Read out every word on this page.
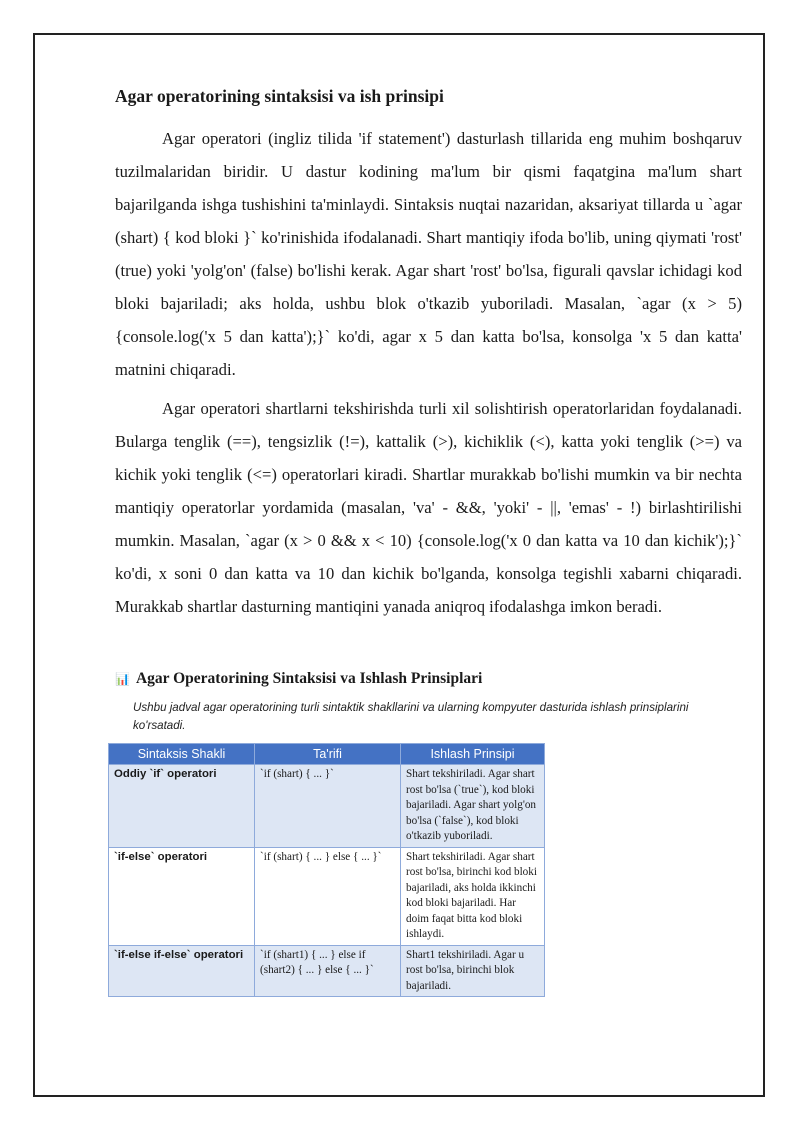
Agar operatorining sintaksisi va ish prinsipi

Agar operatori (ingliz tilida 'if statement') dasturlash tillarida eng muhim boshqaruv tuzilmalaridan biridir. U dastur kodining ma'lum bir qismi faqatgina ma'lum shart bajarilganda ishga tushishini ta'minlaydi. Sintaksis nuqtai nazaridan, aksariyat tillarda u `agar (shart) { kod bloki }` ko'rinishida ifodalanadi. Shart mantiqiy ifoda bo'lib, uning qiymati 'rost' (true) yoki 'yolg'on' (false) bo'lishi kerak. Agar shart 'rost' bo'lsa, figurali qavslar ichidagi kod bloki bajariladi; aks holda, ushbu blok o'tkazib yuboriladi. Masalan, `agar (x > 5) {console.log('x 5 dan katta');}` ko'di, agar x 5 dan katta bo'lsa, konsolga 'x 5 dan katta' matnini chiqaradi.

Agar operatori shartlarni tekshirishda turli xil solishtirish operatorlaridan foydalanadi. Bularga tenglik (==), tengsizlik (!=), kattalik (>), kichiklik (<), katta yoki tenglik (>=) va kichik yoki tenglik (<=) operatorlari kiradi. Shartlar murakkab bo'lishi mumkin va bir nechta mantiqiy operatorlar yordamida (masalan, 'va' - &&, 'yoki' - ||, 'emas' - !) birlashtirilishi mumkin. Masalan, `agar (x > 0 && x < 10) {console.log('x 0 dan katta va 10 dan kichik');}` ko'di, x soni 0 dan katta va 10 dan kichik bo'lganda, konsolga tegishli xabarni chiqaradi. Murakkab shartlar dasturning mantiqini yanada aniqroq ifodalashga imkon beradi.

📊 Agar Operatorining Sintaksisi va Ishlash Prinsiplari
Ushbu jadval agar operatorining turli sintaktik shakllarini va ularning kompyuter dasturida ishlash prinsiplarini ko'rsatadi.
Sintaksis Shakli	Ta'rifi	Ishlash Prinsipi
Oddiy `if` operatori	`if (shart) { ... }`	Shart tekshiriladi. Agar shart rost bo'lsa (`true`), kod bloki bajariladi. Agar shart yolg'on bo'lsa (`false`), kod bloki o'tkazib yuboriladi.
`if-else` operatori	`if (shart) { ... } else { ... }`	Shart tekshiriladi. Agar shart rost bo'lsa, birinchi kod bloki bajariladi, aks holda ikkinchi kod bloki bajariladi. Har doim faqat bitta kod bloki ishlaydi.
`if-else if-else` operatori	`if (shart1) { ... } else if (shart2) { ... } else { ... }`	Shart1 tekshiriladi. Agar u rost bo'lsa, birinchi blok bajariladi.
